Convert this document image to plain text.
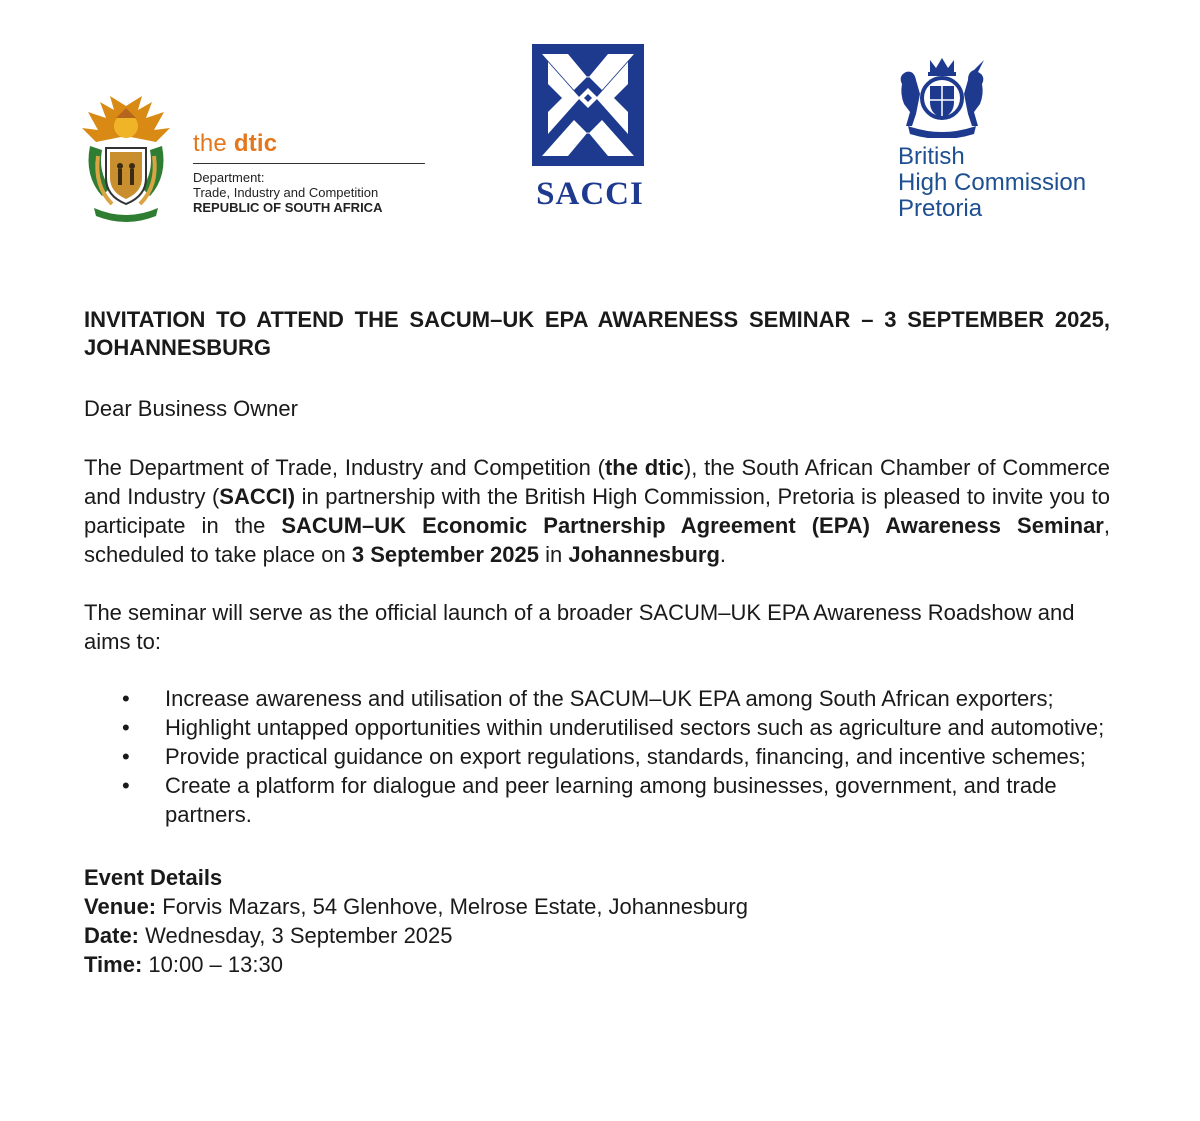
the dtic
Department:
Trade, Industry and Competition
REPUBLIC OF SOUTH AFRICA	SACCI
British
High Commission
Pretoria

INVITATION TO ATTEND THE SACUM–UK EPA AWARENESS SEMINAR – 3 SEPTEMBER 2025, JOHANNESBURG

Dear Business Owner

The Department of Trade, Industry and Competition (the dtic), the South African Chamber of Commerce and Industry (SACCI) in partnership with the British High Commission, Pretoria is pleased to invite you to participate in the SACUM–UK Economic Partnership Agreement (EPA) Awareness Seminar, scheduled to take place on 3 September 2025 in Johannesburg.

The seminar will serve as the official launch of a broader SACUM–UK EPA Awareness Roadshow and aims to:

• Increase awareness and utilisation of the SACUM–UK EPA among South African exporters;
• Highlight untapped opportunities within underutilised sectors such as agriculture and automotive;
• Provide practical guidance on export regulations, standards, financing, and incentive schemes;
• Create a platform for dialogue and peer learning among businesses, government, and trade partners.
Event Details
Venue: Forvis Mazars, 54 Glenhove, Melrose Estate, Johannesburg
Date: Wednesday, 3 September 2025
Time: 10:00 – 13:30
